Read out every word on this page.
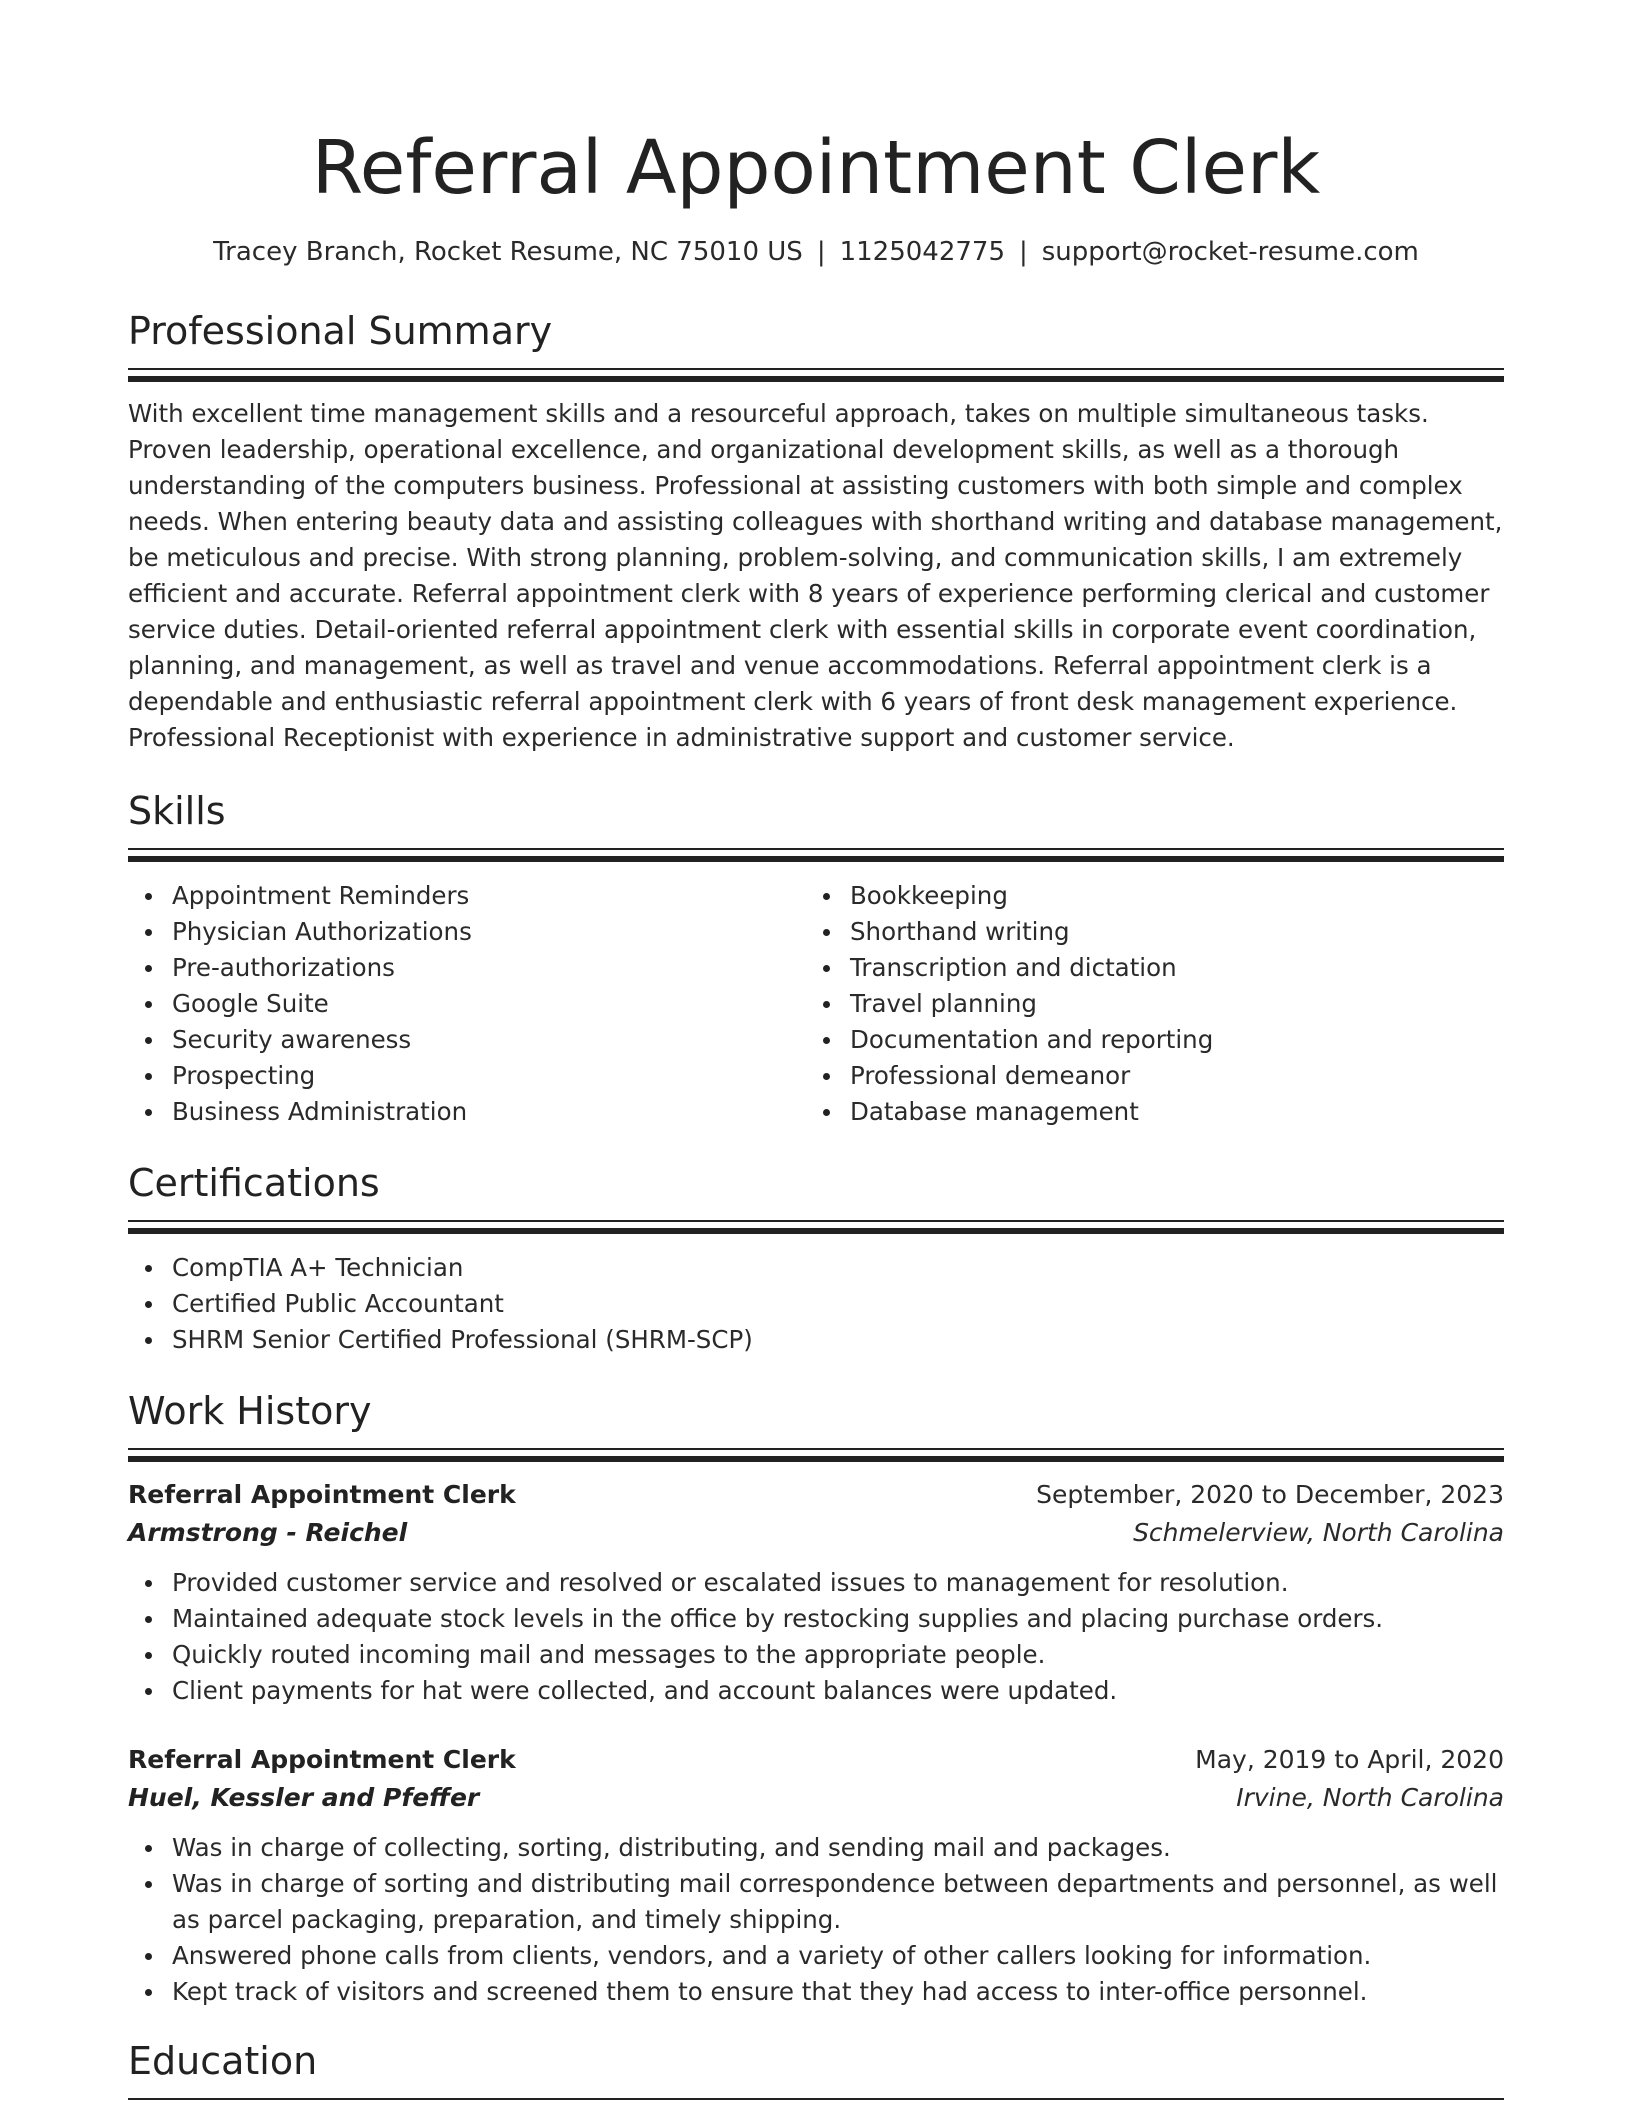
Referral Appointment Clerk
Tracey Branch, Rocket Resume, NC 75010 US | 1125042775 | support@rocket-resume.com
Professional Summary
With excellent time management skills and a resourceful approach, takes on multiple simultaneous tasks. Proven leadership, operational excellence, and organizational development skills, as well as a thorough understanding of the computers business. Professional at assisting customers with both simple and complex needs. When entering beauty data and assisting colleagues with shorthand writing and database management, be meticulous and precise. With strong planning, problem-solving, and communication skills, I am extremely efficient and accurate. Referral appointment clerk with 8 years of experience performing clerical and customer service duties. Detail-oriented referral appointment clerk with essential skills in corporate event coordination, planning, and management, as well as travel and venue accommodations. Referral appointment clerk is a dependable and enthusiastic referral appointment clerk with 6 years of front desk management experience. Professional Receptionist with experience in administrative support and customer service.
Skills
Appointment Reminders
Physician Authorizations
Pre-authorizations
Google Suite
Security awareness
Prospecting
Business Administration
Bookkeeping
Shorthand writing
Transcription and dictation
Travel planning
Documentation and reporting
Professional demeanor
Database management
Certifications
CompTIA A+ Technician
Certified Public Accountant
SHRM Senior Certified Professional (SHRM-SCP)
Work History
Referral Appointment Clerk	September, 2020 to December, 2023
Armstrong - Reichel	Schmelerview, North Carolina
Provided customer service and resolved or escalated issues to management for resolution.
Maintained adequate stock levels in the office by restocking supplies and placing purchase orders.
Quickly routed incoming mail and messages to the appropriate people.
Client payments for hat were collected, and account balances were updated.
Referral Appointment Clerk	May, 2019 to April, 2020
Huel, Kessler and Pfeffer	Irvine, North Carolina
Was in charge of collecting, sorting, distributing, and sending mail and packages.
Was in charge of sorting and distributing mail correspondence between departments and personnel, as well as parcel packaging, preparation, and timely shipping.
Answered phone calls from clients, vendors, and a variety of other callers looking for information.
Kept track of visitors and screened them to ensure that they had access to inter-office personnel.
Education
